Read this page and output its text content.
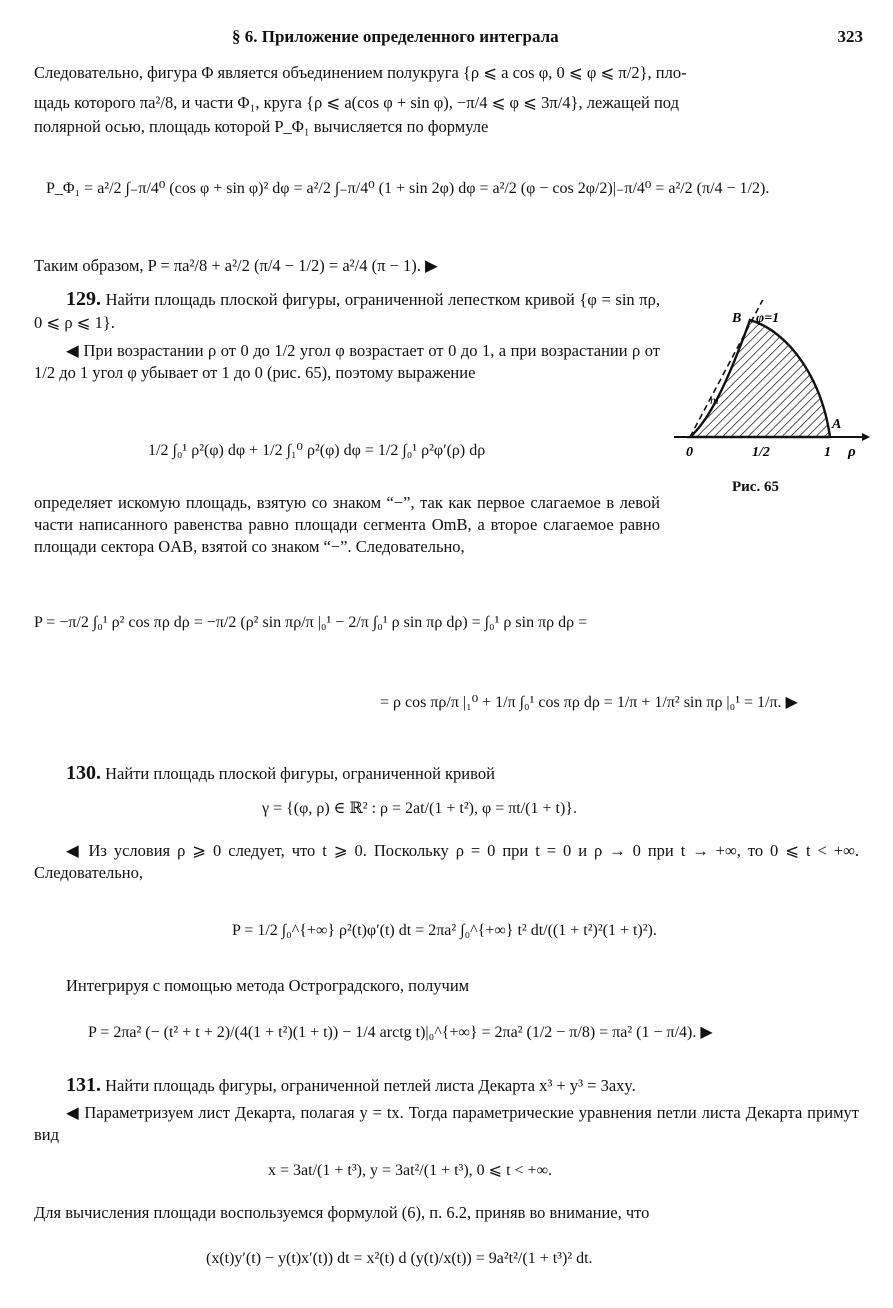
§ 6. Приложение определенного интеграла	323

Следовательно, фигура Φ является объединением полукруга {ρ ⩽ a cos φ, 0 ⩽ φ ⩽ π/2}, пло-

щадь которого πa²/8, и части Φ₁, круга {ρ ⩽ a(cos φ + sin φ), −π/4 ⩽ φ ⩽ 3π/4}, лежащей под

полярной осью, площадь которой P_Φ₁ вычисляется по формуле

P_Φ₁ = a²/2 ∫₋π/4⁰ (cos φ + sin φ)² dφ = a²/2 ∫₋π/4⁰ (1 + sin 2φ) dφ = a²/2 (φ − cos 2φ/2)|₋π/4⁰ = a²/2 (π/4 − 1/2).

Таким образом, P = πa²/8 + a²/2 (π/4 − 1/2) = a²/4 (π − 1). ▶

129. Найти площадь плоской фигуры, ограниченной лепестком кривой {φ = sin πρ, 0 ⩽ ρ ⩽ 1}.

◀ При возрастании ρ от 0 до 1/2 угол φ возрастает от 0 до 1, а при возрастании ρ от 1/2 до 1 угол φ убывает от 1 до 0 (рис. 65), поэтому выражение

1/2 ∫₀¹ ρ²(φ) dφ + 1/2 ∫₁⁰ ρ²(φ) dφ = 1/2 ∫₀¹ ρ²φ′(ρ) dρ

определяет искомую площадь, взятую со знаком “−”, так как первое слагаемое в левой части написанного равенства равно площади сегмента OmB, а второе слагаемое равно площади сектора OAB, взятой со знаком “−”. Следовательно,

P = −π/2 ∫₀¹ ρ² cos πρ dρ = −π/2 (ρ² sin πρ/π |₀¹ − 2/π ∫₀¹ ρ sin πρ dρ) = ∫₀¹ ρ sin πρ dρ =
= ρ cos πρ/π |₁⁰ + 1/π ∫₀¹ cos πρ dρ = 1/π + 1/π² sin πρ |₀¹ = 1/π. ▶
B φ=1
m
A
0	1/2	1 ρ
Рис. 65

130. Найти площадь плоской фигуры, ограниченной кривой

γ = {(φ, ρ) ∈ ℝ² : ρ = 2at/(1 + t²), φ = πt/(1 + t)}.

◀ Из условия ρ ⩾ 0 следует, что t ⩾ 0. Поскольку ρ = 0 при t = 0 и ρ → 0 при t → +∞, то 0 ⩽ t < +∞. Следовательно,

P = 1/2 ∫₀^{+∞} ρ²(t)φ′(t) dt = 2πa² ∫₀^{+∞} t² dt/((1 + t²)²(1 + t)²).

Интегрируя с помощью метода Остроградского, получим

P = 2πa² (− (t² + t + 2)/(4(1 + t²)(1 + t)) − 1/4 arctg t)|₀^{+∞} = 2πa² (1/2 − π/8) = πa² (1 − π/4). ▶

131. Найти площадь фигуры, ограниченной петлей листа Декарта x³ + y³ = 3axy.

◀ Параметризуем лист Декарта, полагая y = tx. Тогда параметрические уравнения петли листа Декарта примут вид

x = 3at/(1 + t³), y = 3at²/(1 + t³), 0 ⩽ t < +∞.

Для вычисления площади воспользуемся формулой (6), п. 6.2, приняв во внимание, что

(x(t)y′(t) − y(t)x′(t)) dt = x²(t) d (y(t)/x(t)) = 9a²t²/(1 + t³)² dt.
